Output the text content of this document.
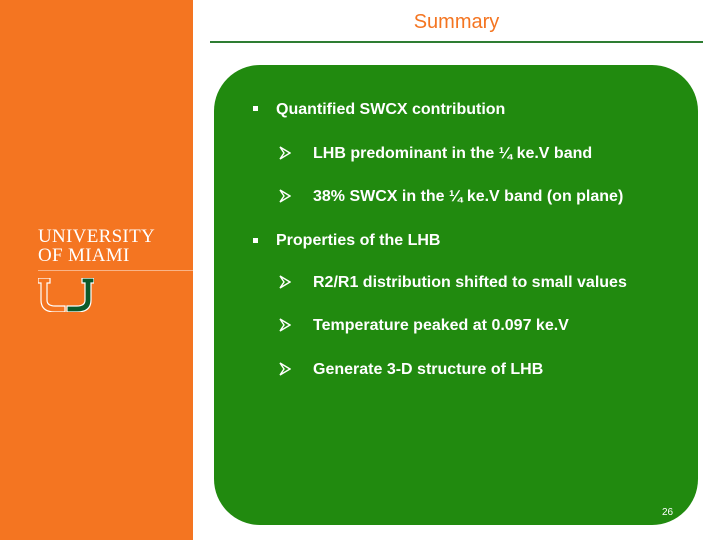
UNIVERSITY
OF MIAMI
Summary
Quantified SWCX contribution
LHB predominant in the ¼ ke.V band
38% SWCX in the ¼ ke.V band (on plane)
Properties of the LHB
R2/R1 distribution shifted to small values
Temperature peaked at 0.097 ke.V
Generate 3-D structure of LHB
26
